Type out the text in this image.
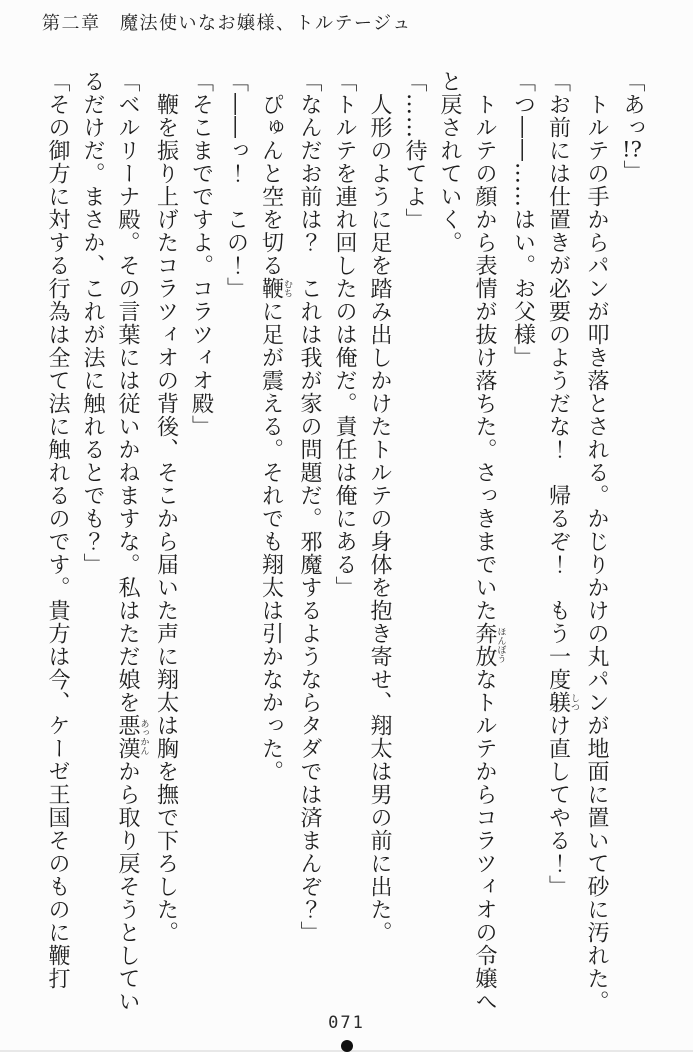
第二章　魔法使いなお嬢様、トルテージュ

「あっ!?」

　トルテの手からパンが叩き落とされる。かじりかけの丸パンが地面に置いて砂に汚れた。

「お前には仕置きが必要のようだな！　帰るぞ！　もう一度躾しつけ直してやる！」

「つ――……はい。お父様」

　トルテの顔から表情が抜け落ちた。さっきまでいた奔放ほんぼうなトルテからコラツィオの令嬢へと戻されていく。

「……待てよ」

　人形のように足を踏み出しかけたトルテの身体を抱き寄せ、翔太は男の前に出た。

「トルテを連れ回したのは俺だ。責任は俺にある」

「なんだお前は？　これは我が家の問題だ。邪魔するようならタダでは済まんぞ？」

　ぴゅんと空を切る鞭むちに足が震える。それでも翔太は引かなかった。

「――っ！　この！」

「そこまでですよ。コラツィオ殿」

　鞭を振り上げたコラツィオの背後、そこから届いた声に翔太は胸を撫で下ろした。

「ベルリーナ殿。その言葉には従いかねますな。私はただ娘を悪漢あっかんから取り戻そうとしているだけだ。まさか、これが法に触れるとでも？」

「その御方に対する行為は全て法に触れるのです。貴方は今、ケーゼ王国そのものに鞭打

071
